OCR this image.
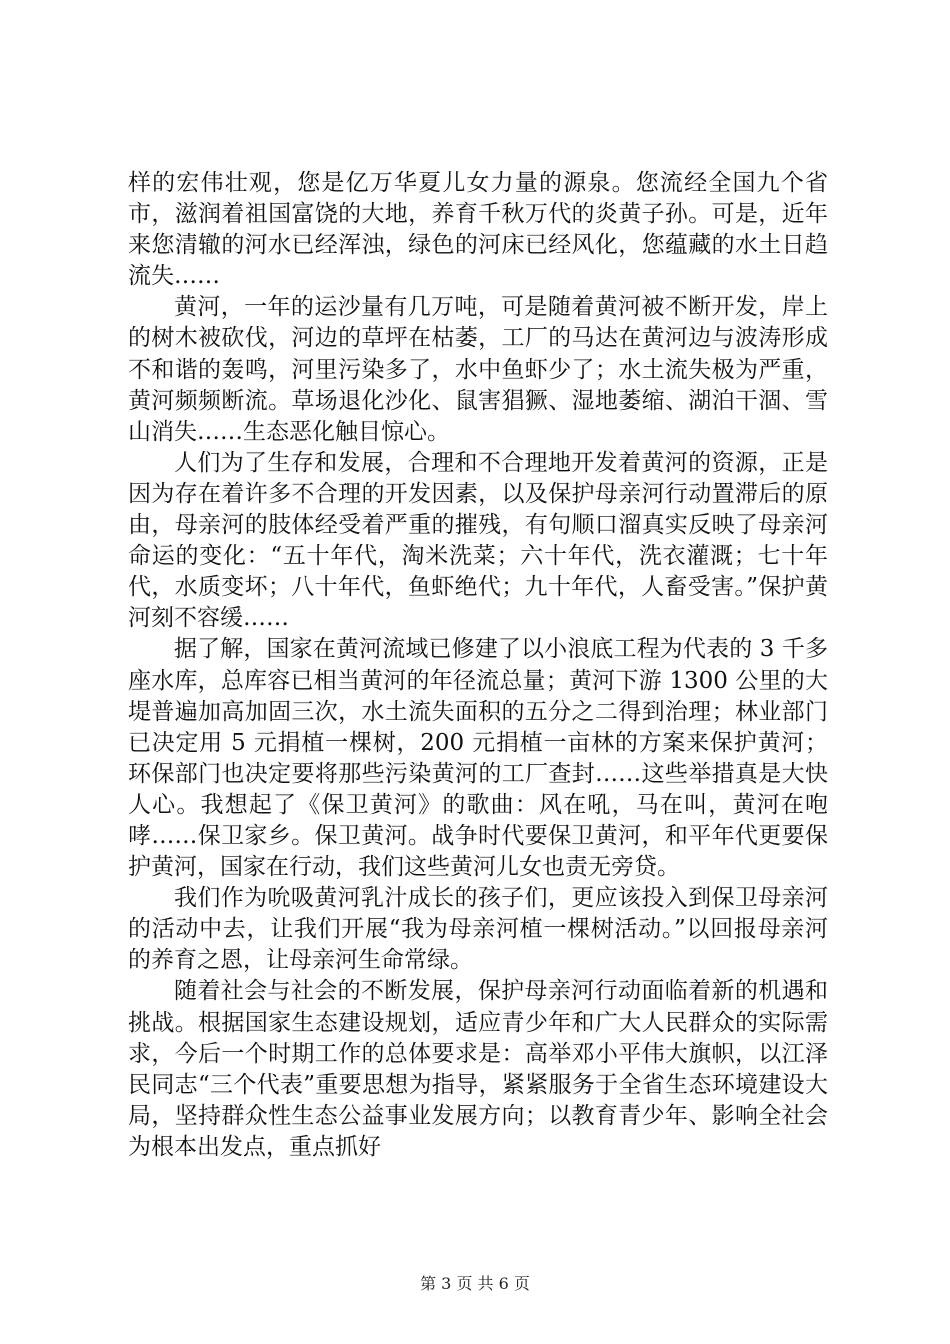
样的宏伟壮观，您是亿万华夏儿女力量的源泉。您流经全国九个省市，滋润着祖国富饶的大地，养育千秋万代的炎黄子孙。可是，近年来您清辙的河水已经浑浊，绿色的河床已经风化，您蕴藏的水土日趋流失……

黄河，一年的运沙量有几万吨，可是随着黄河被不断开发，岸上的树木被砍伐，河边的草坪在枯萎，工厂的马达在黄河边与波涛形成不和谐的轰鸣，河里污染多了，水中鱼虾少了；水土流失极为严重，黄河频频断流。草场退化沙化、鼠害猖獗、湿地萎缩、湖泊干涸、雪山消失……生态恶化触目惊心。

人们为了生存和发展，合理和不合理地开发着黄河的资源，正是因为存在着许多不合理的开发因素，以及保护母亲河行动置滞后的原由，母亲河的肢体经受着严重的摧残，有句顺口溜真实反映了母亲河命运的变化：“五十年代，淘米洗菜；六十年代，洗衣灌溉；七十年代，水质变坏；八十年代，鱼虾绝代；九十年代，人畜受害。”保护黄河刻不容缓……

据了解，国家在黄河流域已修建了以小浪底工程为代表的 3 千多座水库，总库容已相当黄河的年径流总量；黄河下游 1300 公里的大堤普遍加高加固三次，水土流失面积的五分之二得到治理；林业部门已决定用 5 元捐植一棵树，200 元捐植一亩林的方案来保护黄河；环保部门也决定要将那些污染黄河的工厂查封……这些举措真是大快人心。我想起了《保卫黄河》的歌曲：风在吼，马在叫，黄河在咆哮……保卫家乡。保卫黄河。战争时代要保卫黄河，和平年代更要保护黄河，国家在行动，我们这些黄河儿女也责无旁贷。

我们作为吮吸黄河乳汁成长的孩子们，更应该投入到保卫母亲河的活动中去，让我们开展“我为母亲河植一棵树活动。”以回报母亲河的养育之恩，让母亲河生命常绿。

随着社会与社会的不断发展，保护母亲河行动面临着新的机遇和挑战。根据国家生态建设规划，适应青少年和广大人民群众的实际需求，今后一个时期工作的总体要求是：高举邓小平伟大旗帜，以江泽民同志“三个代表”重要思想为指导，紧紧服务于全省生态环境建设大局，坚持群众性生态公益事业发展方向；以教育青少年、影响全社会为根本出发点，重点抓好

第 3 页 共 6 页
